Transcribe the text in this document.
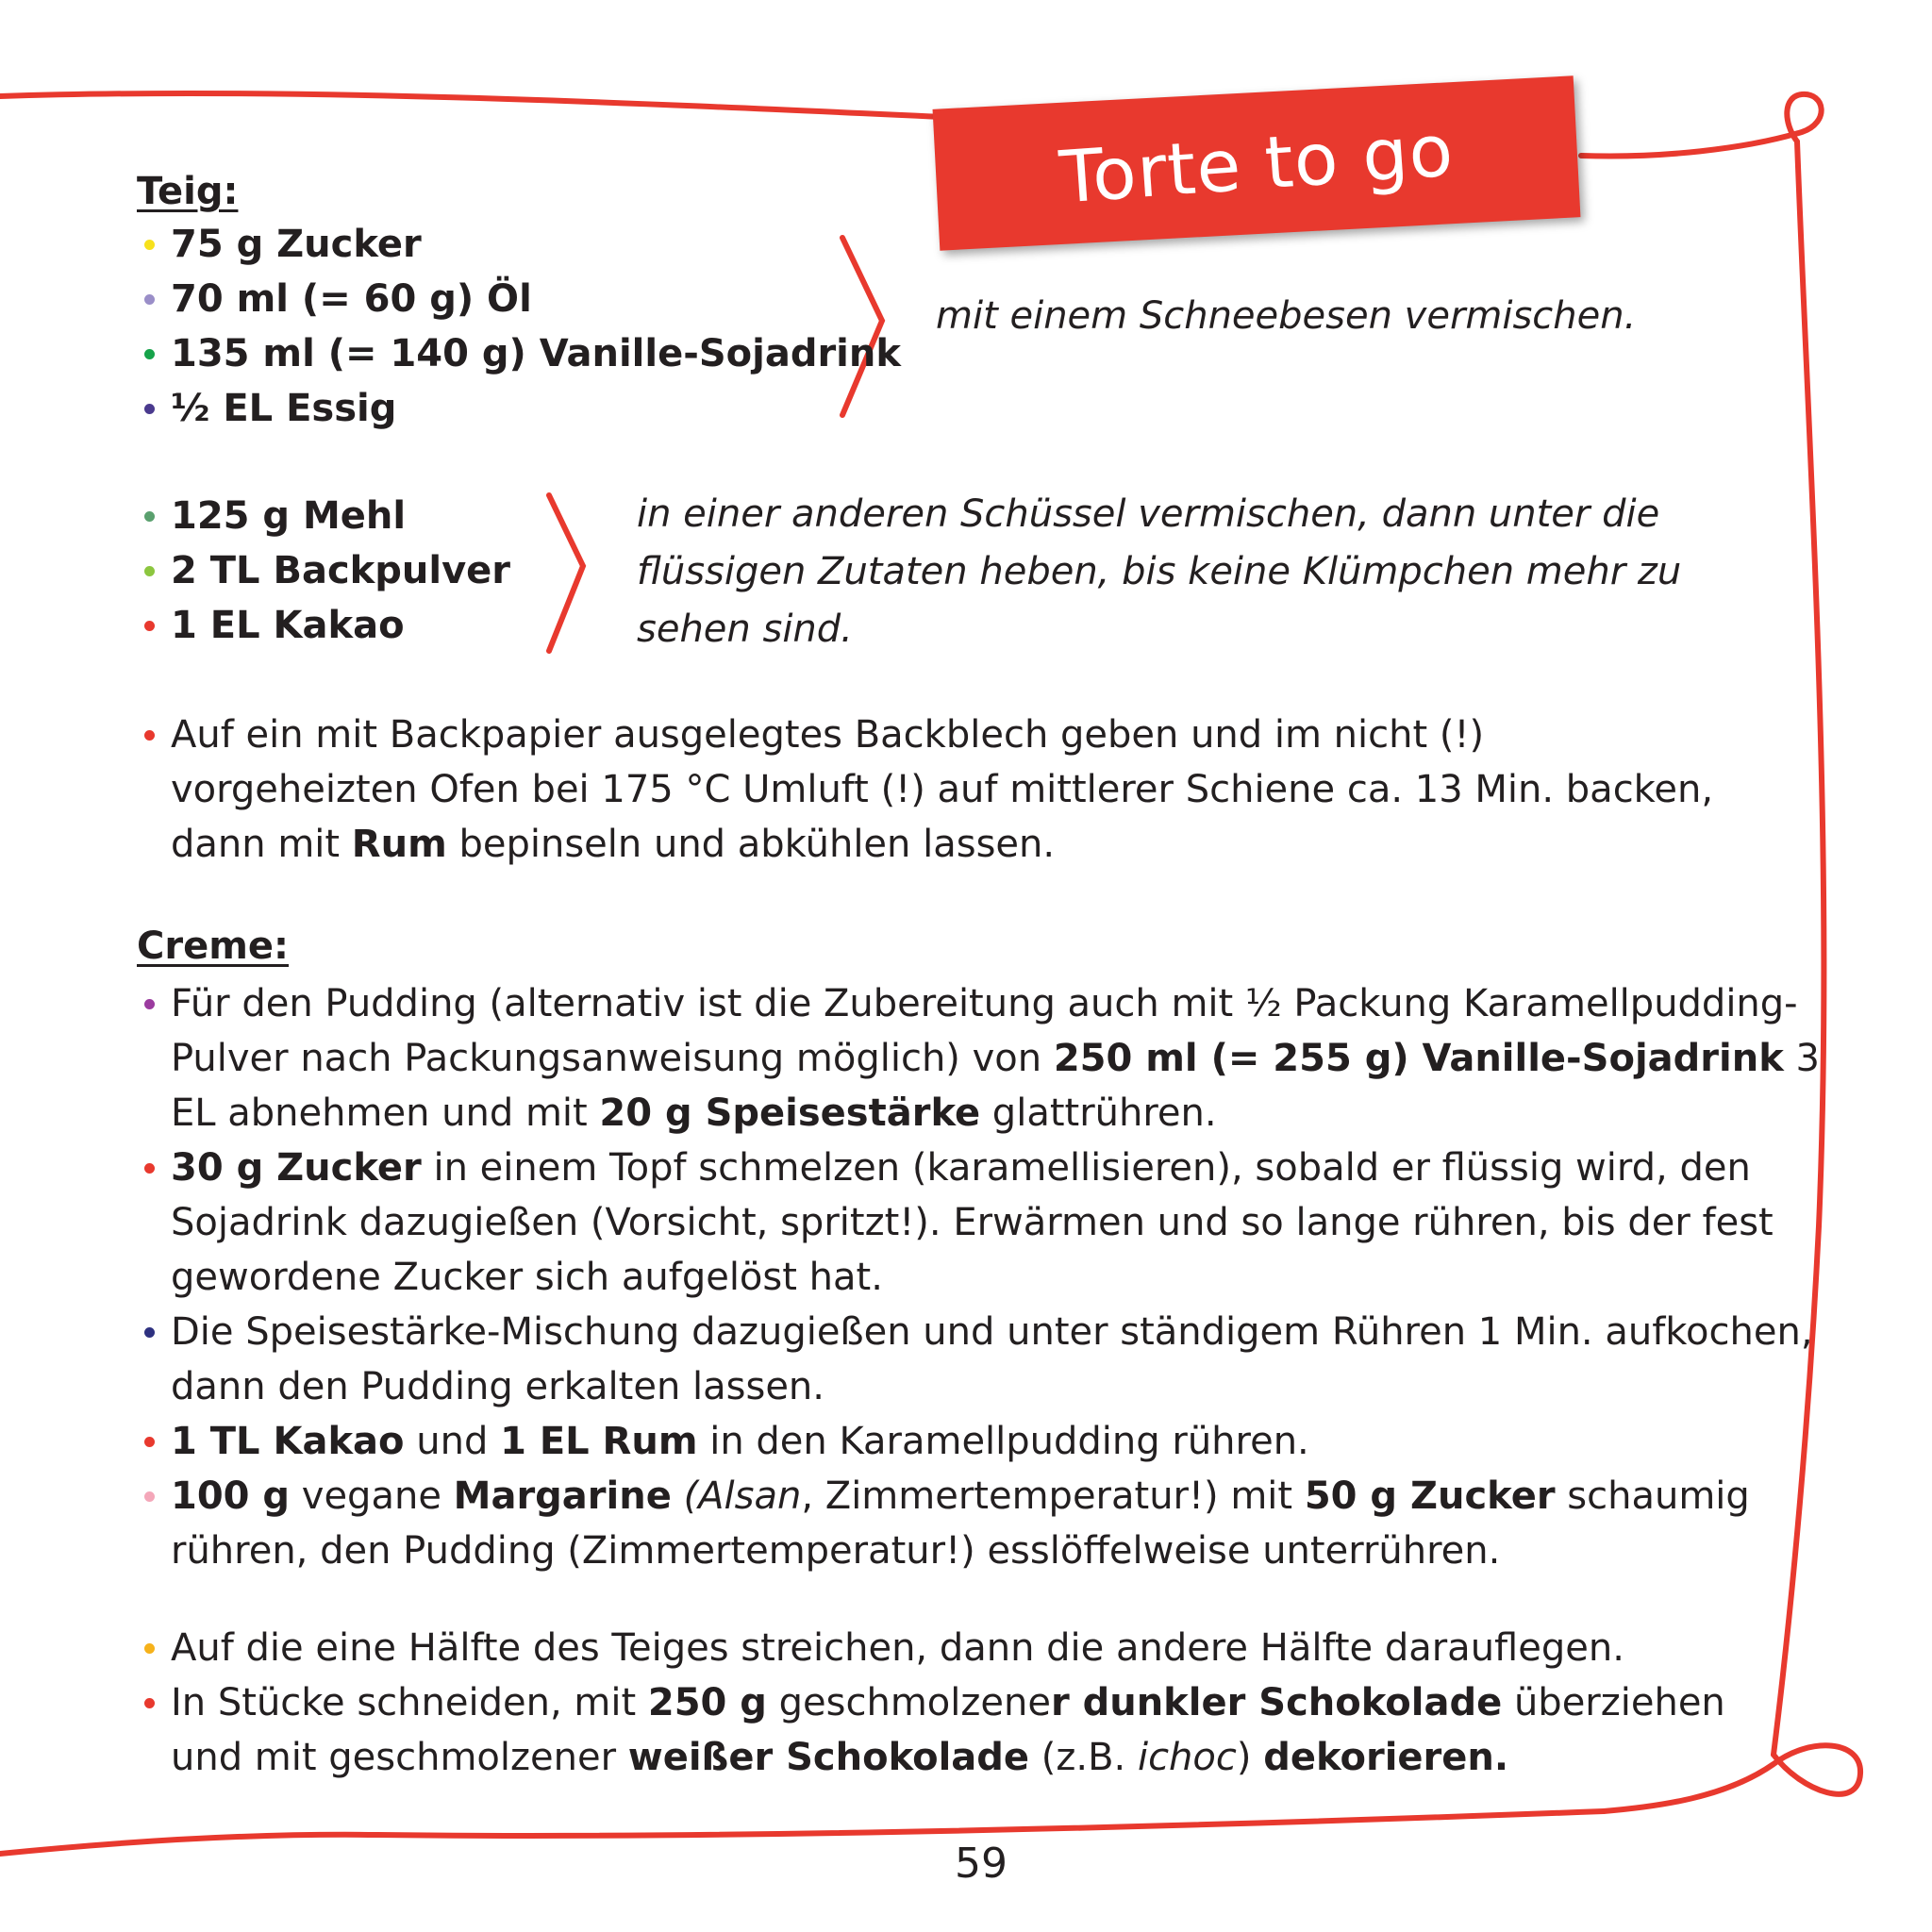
Torte to go
Teig:
75 g Zucker
70 ml (= 60 g) Öl
135 ml (= 140 g) Vanille-Sojadrink
½ EL Essig
mit einem Schneebesen vermischen.
125 g Mehl
2 TL Backpulver
1 EL Kakao
in einer anderen Schüssel vermischen, dann unter die
flüssigen Zutaten heben, bis keine Klümpchen mehr zu
sehen sind.
Auf ein mit Backpapier ausgelegtes Backblech geben und im nicht (!) vorgeheizten Ofen bei 175 °C Umluft (!) auf mittlerer Schiene ca. 13 Min. backen, dann mit Rum bepinseln und abkühlen lassen.
Creme:
Für den Pudding (alternativ ist die Zubereitung auch mit ½ Packung Karamellpudding-Pulver nach Packungsanweisung möglich) von 250 ml (= 255 g) Vanille-Sojadrink 3 EL abnehmen und mit 20 g Speisestärke glattrühren.
30 g Zucker in einem Topf schmelzen (karamellisieren), sobald er flüssig wird, den Sojadrink dazugießen (Vorsicht, spritzt!). Erwärmen und so lange rühren, bis der fest gewordene Zucker sich aufgelöst hat.
Die Speisestärke-Mischung dazugießen und unter ständigem Rühren 1 Min. aufkochen, dann den Pudding erkalten lassen.
1 TL Kakao und 1 EL Rum in den Karamellpudding rühren.
100 g vegane Margarine (Alsan, Zimmertemperatur!) mit 50 g Zucker schaumig rühren, den Pudding (Zimmertemperatur!) esslöffelweise unterrühren.
Auf die eine Hälfte des Teiges streichen, dann die andere Hälfte darauflegen.
In Stücke schneiden, mit 250 g geschmolzener dunkler Schokolade überziehen und mit geschmolzener weißer Schokolade (z.B. ichoc) dekorieren.
59
